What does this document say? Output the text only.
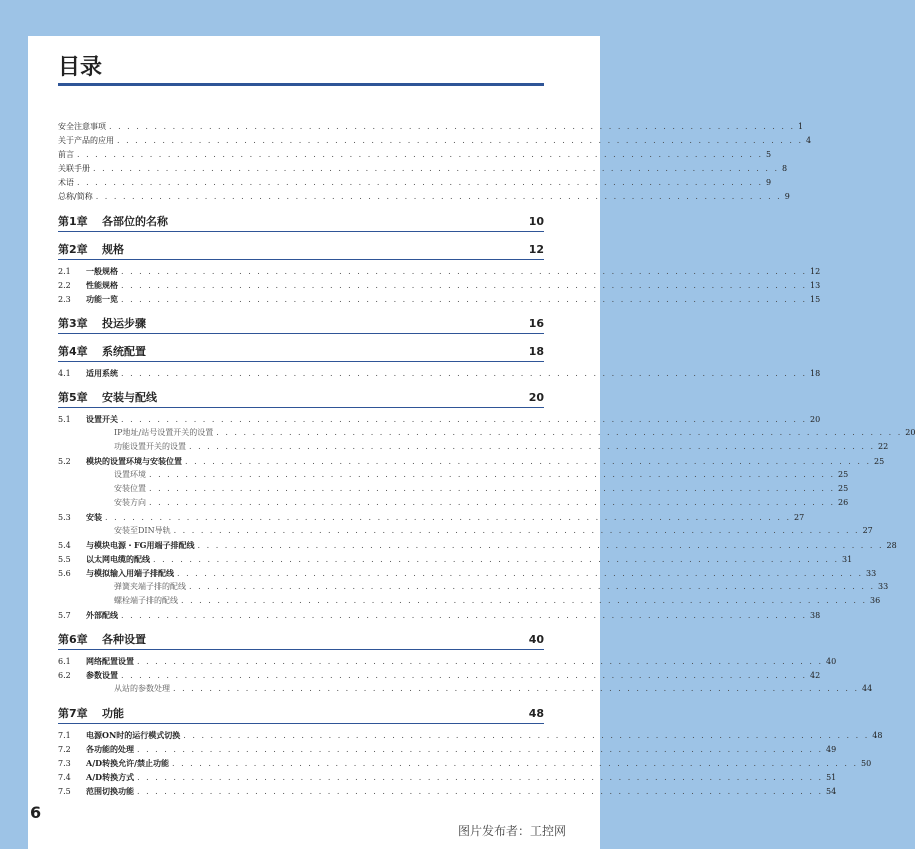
目录
安全注意事项 . . . . . . . . . . . . . . . . . . . . . . . . . . . . . . . . . . . . . . . . . . . . . . . . . . . . . . . . . . . . . . . . . . . . . . . . . . . . 1
关于产品的应用 . . . . . . . . . . . . . . . . . . . . . . . . . . . . . . . . . . . . . . . . . . . . . . . . . . . . . . . . . . . . . . . . . . . . . . . . . . . . 4
前言 . . . . . . . . . . . . . . . . . . . . . . . . . . . . . . . . . . . . . . . . . . . . . . . . . . . . . . . . . . . . . . . . . . . . . . . . . . . . 5
关联手册 . . . . . . . . . . . . . . . . . . . . . . . . . . . . . . . . . . . . . . . . . . . . . . . . . . . . . . . . . . . . . . . . . . . . . . . . . . . . 8
术语 . . . . . . . . . . . . . . . . . . . . . . . . . . . . . . . . . . . . . . . . . . . . . . . . . . . . . . . . . . . . . . . . . . . . . . . . . . . . 9
总称/简称 . . . . . . . . . . . . . . . . . . . . . . . . . . . . . . . . . . . . . . . . . . . . . . . . . . . . . . . . . . . . . . . . . . . . . . . . . . . . 9
第1章	各部位的名称	10
第2章	规格	12
2.1	一般规格 . . . . . . . . . . . . . . . . . . . . . . . . . . . . . . . . . . . . . . . . . . . . . . . . . . . . . . . . . . . . . . . . . . . . . . . . . . . . 12
2.2	性能规格 . . . . . . . . . . . . . . . . . . . . . . . . . . . . . . . . . . . . . . . . . . . . . . . . . . . . . . . . . . . . . . . . . . . . . . . . . . . . 13
2.3	功能一览 . . . . . . . . . . . . . . . . . . . . . . . . . . . . . . . . . . . . . . . . . . . . . . . . . . . . . . . . . . . . . . . . . . . . . . . . . . . . 15
第3章	投运步骤	16
第4章	系统配置	18
4.1	适用系统 . . . . . . . . . . . . . . . . . . . . . . . . . . . . . . . . . . . . . . . . . . . . . . . . . . . . . . . . . . . . . . . . . . . . . . . . . . . . 18
第5章	安装与配线	20
5.1	设置开关 . . . . . . . . . . . . . . . . . . . . . . . . . . . . . . . . . . . . . . . . . . . . . . . . . . . . . . . . . . . . . . . . . . . . . . . . . . . . 20
IP地址/站号设置开关的设置 . . . . . . . . . . . . . . . . . . . . . . . . . . . . . . . . . . . . . . . . . . . . . . . . . . . . . . . . . . . . . . . . . . . . . . . . . . . . 20
功能设置开关的设置 . . . . . . . . . . . . . . . . . . . . . . . . . . . . . . . . . . . . . . . . . . . . . . . . . . . . . . . . . . . . . . . . . . . . . . . . . . . . 22
5.2	模块的设置环境与安装位置 . . . . . . . . . . . . . . . . . . . . . . . . . . . . . . . . . . . . . . . . . . . . . . . . . . . . . . . . . . . . . . . . . . . . . . . . . . . . 25
设置环境 . . . . . . . . . . . . . . . . . . . . . . . . . . . . . . . . . . . . . . . . . . . . . . . . . . . . . . . . . . . . . . . . . . . . . . . . . . . . 25
安装位置 . . . . . . . . . . . . . . . . . . . . . . . . . . . . . . . . . . . . . . . . . . . . . . . . . . . . . . . . . . . . . . . . . . . . . . . . . . . . 25
安装方向 . . . . . . . . . . . . . . . . . . . . . . . . . . . . . . . . . . . . . . . . . . . . . . . . . . . . . . . . . . . . . . . . . . . . . . . . . . . . 26
5.3	安装 . . . . . . . . . . . . . . . . . . . . . . . . . . . . . . . . . . . . . . . . . . . . . . . . . . . . . . . . . . . . . . . . . . . . . . . . . . . . 27
安装至DIN导轨 . . . . . . . . . . . . . . . . . . . . . . . . . . . . . . . . . . . . . . . . . . . . . . . . . . . . . . . . . . . . . . . . . . . . . . . . . . . . 27
5.4	与模块电源・FG用端子排配线 . . . . . . . . . . . . . . . . . . . . . . . . . . . . . . . . . . . . . . . . . . . . . . . . . . . . . . . . . . . . . . . . . . . . . . . . . . . . 28
5.5	以太网电缆的配线 . . . . . . . . . . . . . . . . . . . . . . . . . . . . . . . . . . . . . . . . . . . . . . . . . . . . . . . . . . . . . . . . . . . . . . . . . . . . 31
5.6	与模拟输入用端子排配线 . . . . . . . . . . . . . . . . . . . . . . . . . . . . . . . . . . . . . . . . . . . . . . . . . . . . . . . . . . . . . . . . . . . . . . . . . . . . 33
弹簧夹端子排的配线 . . . . . . . . . . . . . . . . . . . . . . . . . . . . . . . . . . . . . . . . . . . . . . . . . . . . . . . . . . . . . . . . . . . . . . . . . . . . 33
螺栓端子排的配线 . . . . . . . . . . . . . . . . . . . . . . . . . . . . . . . . . . . . . . . . . . . . . . . . . . . . . . . . . . . . . . . . . . . . . . . . . . . . 36
5.7	外部配线 . . . . . . . . . . . . . . . . . . . . . . . . . . . . . . . . . . . . . . . . . . . . . . . . . . . . . . . . . . . . . . . . . . . . . . . . . . . . 38
第6章	各种设置	40
6.1	网络配置设置 . . . . . . . . . . . . . . . . . . . . . . . . . . . . . . . . . . . . . . . . . . . . . . . . . . . . . . . . . . . . . . . . . . . . . . . . . . . . 40
6.2	参数设置 . . . . . . . . . . . . . . . . . . . . . . . . . . . . . . . . . . . . . . . . . . . . . . . . . . . . . . . . . . . . . . . . . . . . . . . . . . . . 42
从站的参数处理 . . . . . . . . . . . . . . . . . . . . . . . . . . . . . . . . . . . . . . . . . . . . . . . . . . . . . . . . . . . . . . . . . . . . . . . . . . . . 44
第7章	功能	48
7.1	电源ON时的运行模式切换 . . . . . . . . . . . . . . . . . . . . . . . . . . . . . . . . . . . . . . . . . . . . . . . . . . . . . . . . . . . . . . . . . . . . . . . . . . . . 48
7.2	各功能的处理 . . . . . . . . . . . . . . . . . . . . . . . . . . . . . . . . . . . . . . . . . . . . . . . . . . . . . . . . . . . . . . . . . . . . . . . . . . . . 49
7.3	A/D转换允许/禁止功能 . . . . . . . . . . . . . . . . . . . . . . . . . . . . . . . . . . . . . . . . . . . . . . . . . . . . . . . . . . . . . . . . . . . . . . . . . . . . 50
7.4	A/D转换方式 . . . . . . . . . . . . . . . . . . . . . . . . . . . . . . . . . . . . . . . . . . . . . . . . . . . . . . . . . . . . . . . . . . . . . . . . . . . . 51
7.5	范围切换功能 . . . . . . . . . . . . . . . . . . . . . . . . . . . . . . . . . . . . . . . . . . . . . . . . . . . . . . . . . . . . . . . . . . . . . . . . . . . . 54
6
图片发布者：工控网
